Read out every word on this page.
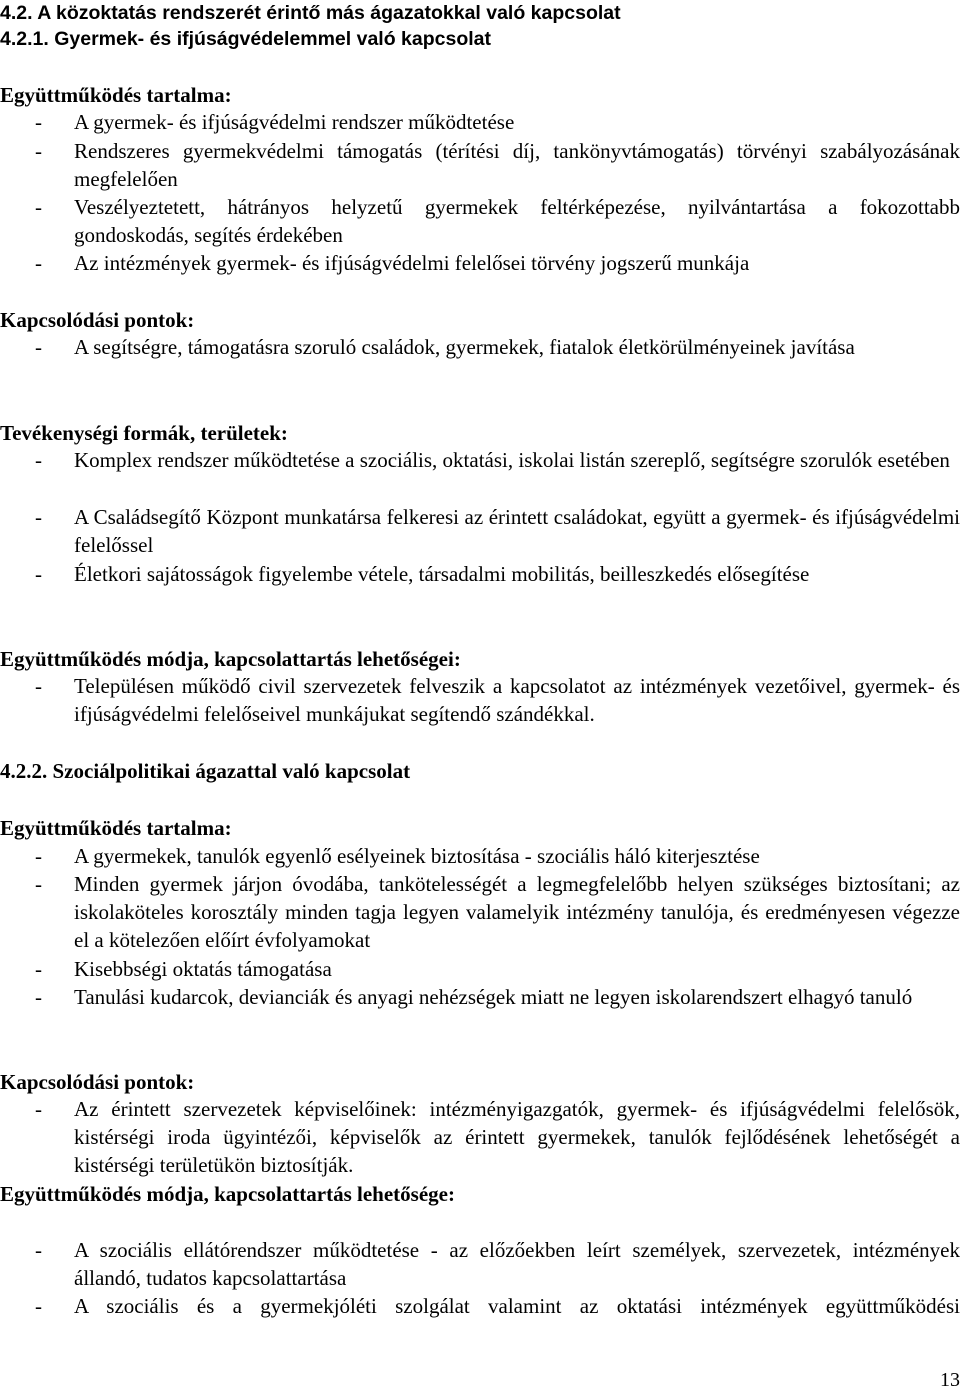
4.2. A közoktatás rendszerét érintő más ágazatokkal való kapcsolat
4.2.1. Gyermek- és ifjúságvédelemmel való kapcsolat
Együttműködés tartalma:
- A gyermek- és ifjúságvédelmi rendszer működtetése
- Rendszeres gyermekvédelmi támogatás (térítési díj, tankönyvtámogatás) törvényi szabályozásának megfelelően
- Veszélyeztetett, hátrányos helyzetű gyermekek feltérképezése, nyilvántartása a fokozottabb gondoskodás, segítés érdekében
- Az intézmények gyermek- és ifjúságvédelmi felelősei törvény jogszerű munkája
Kapcsolódási pontok:
- A segítségre, támogatásra szoruló családok, gyermekek, fiatalok életkörülményeinek javítása
Tevékenységi formák, területek:
- Komplex rendszer működtetése a szociális, oktatási, iskolai listán szereplő, segítségre szorulók esetében
- A Családsegítő Központ munkatársa felkeresi az érintett családokat, együtt a gyermek- és ifjúságvédelmi felelőssel
- Életkori sajátosságok figyelembe vétele, társadalmi mobilitás, beilleszkedés elősegítése
Együttműködés módja, kapcsolattartás lehetőségei:
- Településen működő civil szervezetek felveszik a kapcsolatot az intézmények vezetőivel, gyermek- és ifjúságvédelmi felelőseivel munkájukat segítendő szándékkal.
4.2.2. Szociálpolitikai ágazattal való kapcsolat
Együttműködés tartalma:
- A gyermekek, tanulók egyenlő esélyeinek biztosítása - szociális háló kiterjesztése
- Minden gyermek járjon óvodába, tankötelességét a legmegfelelőbb helyen szükséges biztosítani; az iskolaköteles korosztály minden tagja legyen valamelyik intézmény tanulója, és eredményesen végezze el a kötelezően előírt évfolyamokat
- Kisebbségi oktatás támogatása
- Tanulási kudarcok, devianciák és anyagi nehézségek miatt ne legyen iskolarendszert elhagyó tanuló
Kapcsolódási pontok:
- Az érintett szervezetek képviselőinek: intézményigazgatók, gyermek- és ifjúságvédelmi felelősök, kistérségi iroda ügyintézői, képviselők az érintett gyermekek, tanulók fejlődésének lehetőségét a kistérségi területükön biztosítják.
Együttműködés módja, kapcsolattartás lehetősége:
- A szociális ellátórendszer működtetése - az előzőekben leírt személyek, szervezetek, intézmények állandó, tudatos kapcsolattartása
- A szociális és a gyermekjóléti szolgálat valamint az oktatási intézmények együttműködési
13
